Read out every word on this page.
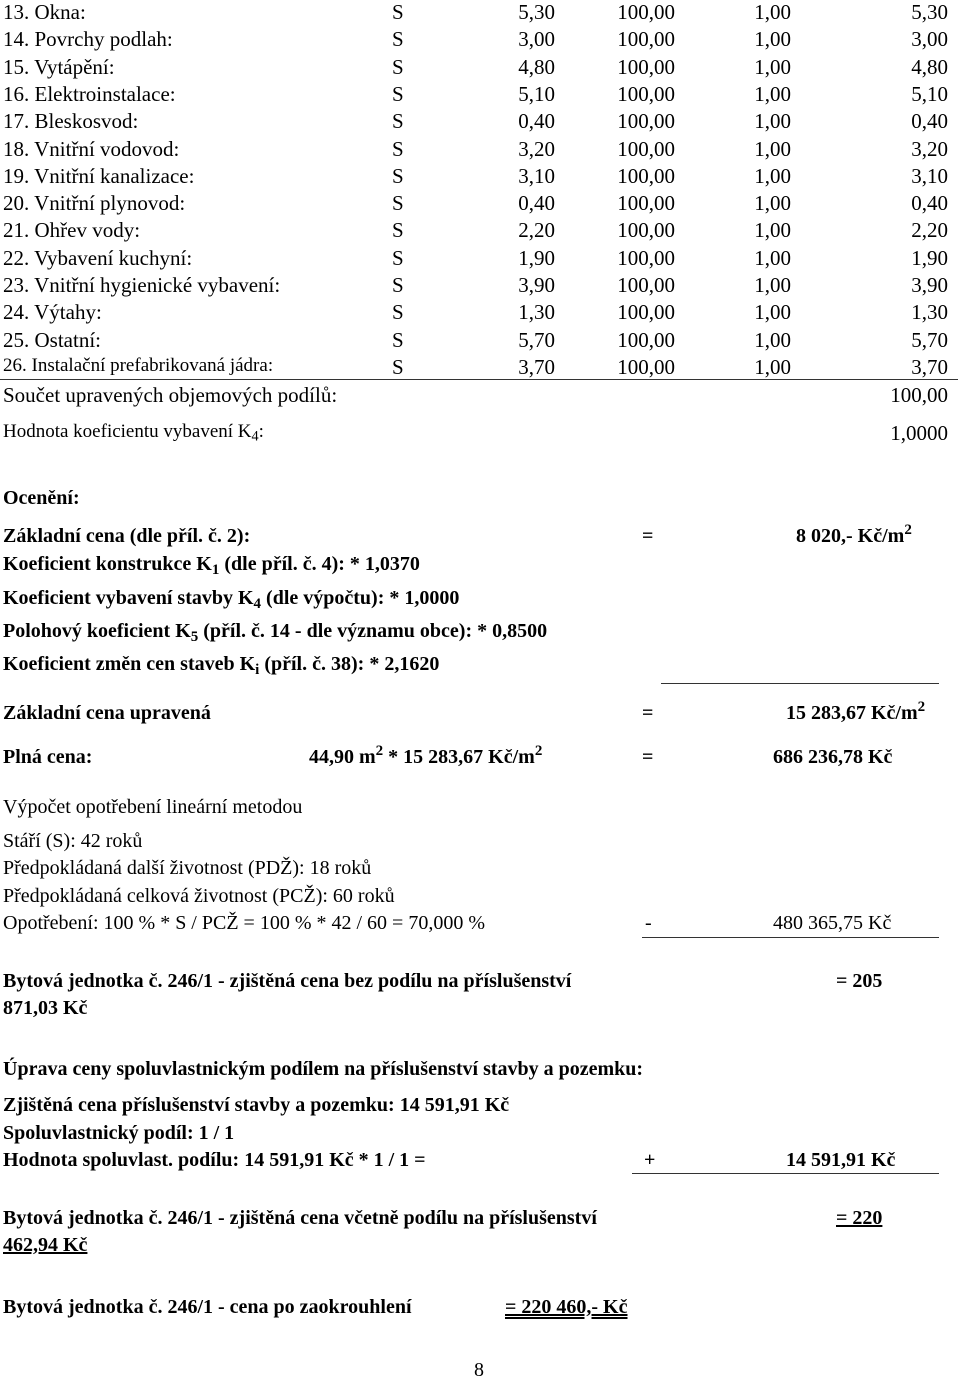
13. Okna:	S	5,30	100,00	1,00	5,30
14. Povrchy podlah:	S	3,00	100,00	1,00	3,00
15. Vytápění:	S	4,80	100,00	1,00	4,80
16. Elektroinstalace:	S	5,10	100,00	1,00	5,10
17. Bleskosvod:	S	0,40	100,00	1,00	0,40
18. Vnitřní vodovod:	S	3,20	100,00	1,00	3,20
19. Vnitřní kanalizace:	S	3,10	100,00	1,00	3,10
20. Vnitřní plynovod:	S	0,40	100,00	1,00	0,40
21. Ohřev vody:	S	2,20	100,00	1,00	2,20
22. Vybavení kuchyní:	S	1,90	100,00	1,00	1,90
23. Vnitřní hygienické vybavení:	S	3,90	100,00	1,00	3,90
24. Výtahy:	S	1,30	100,00	1,00	1,30
25. Ostatní:	S	5,70	100,00	1,00	5,70
26. Instalační prefabrikovaná jádra:	S	3,70	100,00	1,00	3,70
Součet upravených objemových podílů:	100,00
Hodnota koeficientu vybavení $K_4$:	1,0000
Ocenění:
Základní cena (dle příl. č. 2):	=	8 020,- $Kč/m^2$
Koeficient konstrukce $K_1$ (dle příl. č. 4): * 1,0370
Koeficient vybavení stavby $K_4$ (dle výpočtu): * 1,0000
Polohový koeficient $K_5$ (příl. č. 14 - dle významu obce): * 0,8500
Koeficient změn cen staveb $K_i$ (příl. č. 38): * 2,1620
Základní cena upravená	=	15 283,67 $Kč/m^2$
Plná cena:	44,90 $m^2 * 15$ 283,67 $Kč/m^2$	=	686 236,78 Kč
Výpočet opotřebení lineární metodou
Stáří (S): 42 roků
Předpokládaná další životnost (PDŽ): 18 roků
Předpokládaná celková životnost (PCŽ): 60 roků
Opotřebení: 100 % * S / PCŽ = 100 % * 42 / 60 = 70,000 %	-	480 365,75 Kč
Bytová jednotka č. 246/1 - zjištěná cena bez podílu na příslušenství	= 205
871,03 Kč
Úprava ceny spoluvlastnickým podílem na příslušenství stavby a pozemku:
Zjištěná cena příslušenství stavby a pozemku: 14 591,91 Kč
Spoluvlastnický podíl: 1 / 1
Hodnota spoluvlast. podílu: 14 591,91 Kč * 1 / 1 =	+	14 591,91 Kč
Bytová jednotka č. 246/1 - zjištěná cena včetně podílu na příslušenství	= 220
462,94 Kč
Bytová jednotka č. 246/1 - cena po zaokrouhlení	= 220 460,- Kč
8
